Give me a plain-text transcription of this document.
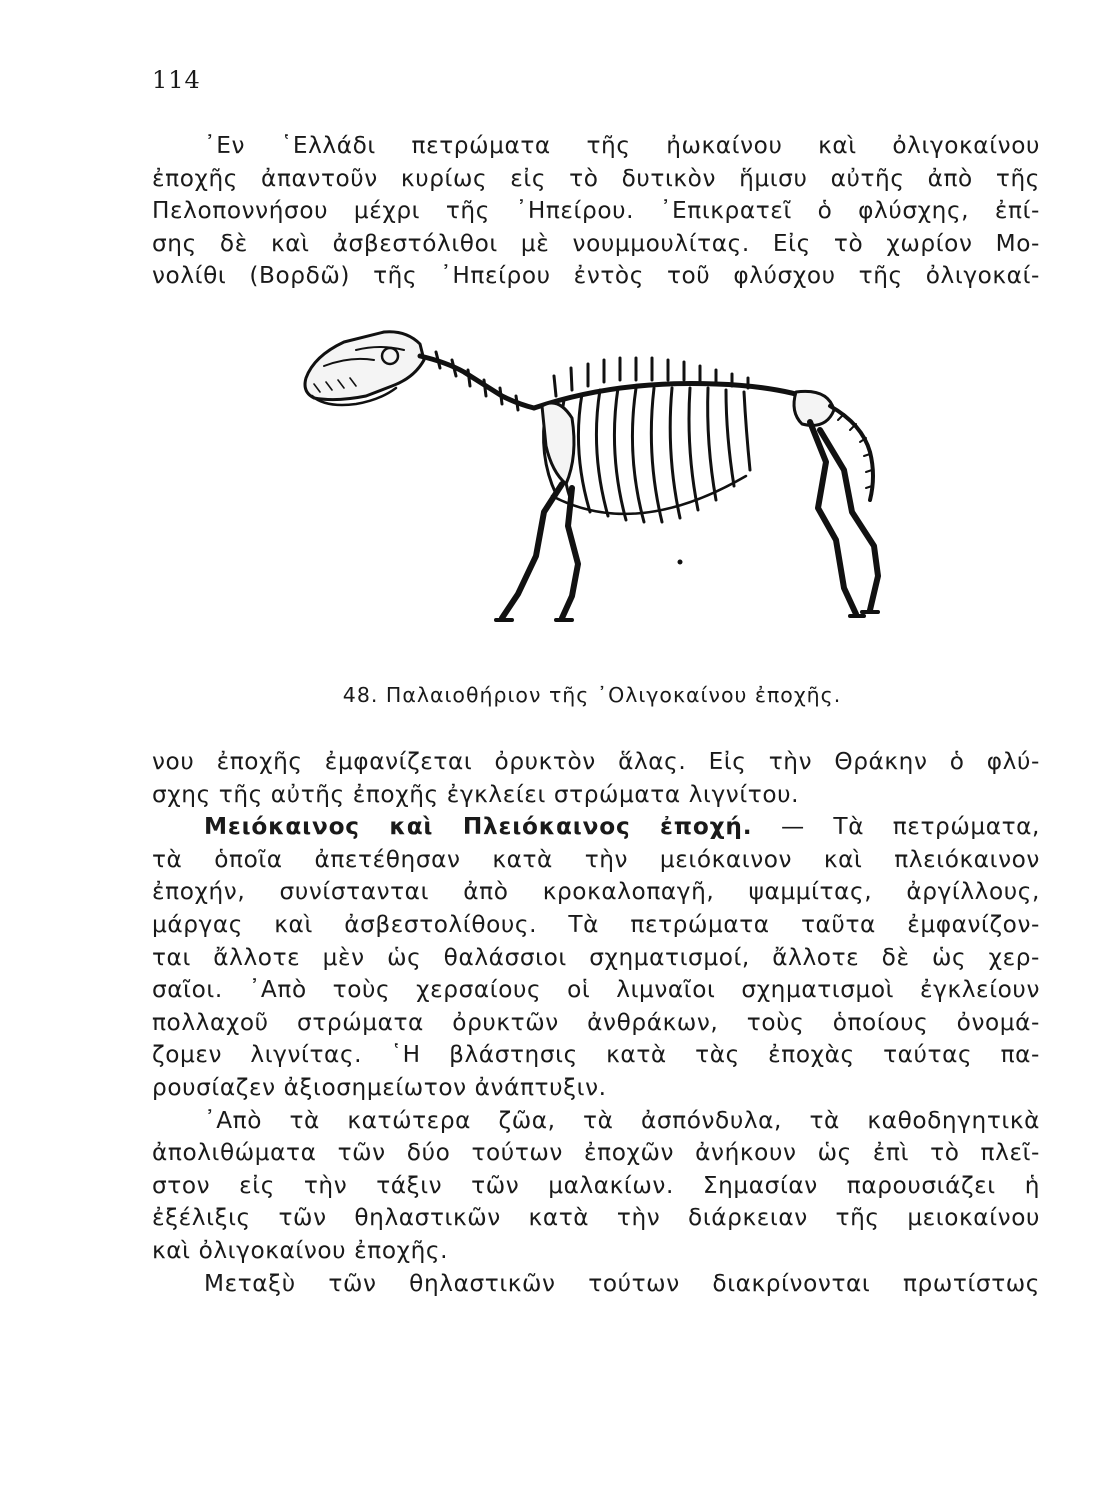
114
᾿Εν ῾Ελλάδι πετρώματα τῆς ἠωκαίνου καὶ ὀλιγοκαίνου
ἐποχῆς ἀπαντοῦν κυρίως εἰς τὸ δυτικὸν ἥμισυ αὐτῆς ἀπὸ τῆς
Πελοποννήσου μέχρι τῆς ᾿Ηπείρου. ᾿Επικρατεῖ ὁ φλύσχης, ἐπί-
σης δὲ καὶ ἀσβεστόλιθοι μὲ νουμμουλίτας. Εἰς τὸ χωρίον Μο-
νολίθι (Βορδῶ) τῆς ᾿Ηπείρου ἐντὸς τοῦ φλύσχου τῆς ὀλιγοκαί-
48. Παλαιοθήριον τῆς ᾿Ολιγοκαίνου ἐποχῆς.
νου ἐποχῆς ἐμφανίζεται ὀρυκτὸν ἅλας. Εἰς τὴν Θράκην ὁ φλύ-
σχης τῆς αὐτῆς ἐποχῆς ἐγκλείει στρώματα λιγνίτου.
Μειόκαινος καὶ Πλειόκαινος ἐποχή. — Τὰ πετρώματα,
τὰ ὁποῖα ἀπετέθησαν κατὰ τὴν μειόκαινον καὶ πλειόκαινον
ἐποχήν, συνίστανται ἀπὸ κροκαλοπαγῆ, ψαμμίτας, ἀργίλλους,
μάργας καὶ ἀσβεστολίθους. Τὰ πετρώματα ταῦτα ἐμφανίζον-
ται ἄλλοτε μὲν ὡς θαλάσσιοι σχηματισμοί, ἄλλοτε δὲ ὡς χερ-
σαῖοι. ᾿Απὸ τοὺς χερσαίους οἱ λιμναῖοι σχηματισμοὶ ἐγκλείουν
πολλαχοῦ στρώματα ὀρυκτῶν ἀνθράκων, τοὺς ὁποίους ὀνομά-
ζομεν λιγνίτας. ῾Η βλάστησις κατὰ τὰς ἐποχὰς ταύτας πα-
ρουσίαζεν ἀξιοσημείωτον ἀνάπτυξιν.
᾿Απὸ τὰ κατώτερα ζῶα, τὰ ἀσπόνδυλα, τὰ καθοδηγητικὰ
ἀπολιθώματα τῶν δύο τούτων ἐποχῶν ἀνήκουν ὡς ἐπὶ τὸ πλεῖ-
στον εἰς τὴν τάξιν τῶν μαλακίων. Σημασίαν παρουσιάζει ἡ
ἐξέλιξις τῶν θηλαστικῶν κατὰ τὴν διάρκειαν τῆς μειοκαίνου
καὶ ὀλιγοκαίνου ἐποχῆς.
Μεταξὺ τῶν θηλαστικῶν τούτων διακρίνονται πρωτίστως
